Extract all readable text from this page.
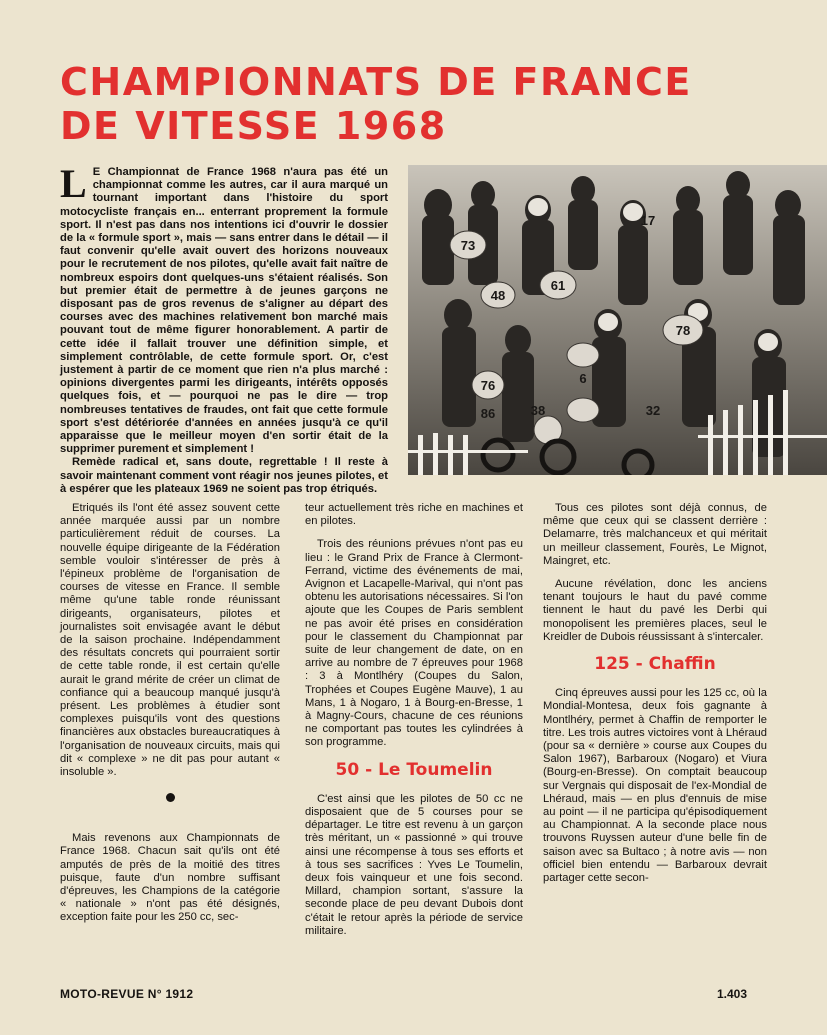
CHAMPIONNATS DE FRANCE
DE VITESSE 1968

L E Championnat de France 1968 n'aura pas été un championnat comme les autres, car il aura marqué un tournant important dans l'histoire du sport motocycliste français en... enterrant proprement la formule sport. Il n'est pas dans nos intentions ici d'ouvrir le dossier de la « formule sport », mais — sans entrer dans le détail — il faut convenir qu'elle avait ouvert des horizons nouveaux pour le recrutement de nos pilotes, qu'elle avait fait naître de nombreux espoirs dont quelques-uns s'étaient réalisés. Son but premier était de permettre à de jeunes garçons ne disposant pas de gros revenus de s'aligner au départ des courses avec des machines relativement bon marché mais pouvant tout de même figurer honorablement. A partir de cette idée il fallait trouver une définition simple, et simplement contrôlable, de cette formule sport. Or, c'est justement à partir de ce moment que rien n'a plus marché : opinions divergentes parmi les dirigeants, intérêts opposés quelques fois, et — pourquoi ne pas le dire — trop nombreuses tentatives de fraudes, ont fait que cette formule sport s'est détériorée d'années en années jusqu'à ce qu'il apparaisse que le meilleur moyen d'en sortir était de la supprimer purement et simplement !

Remède radical et, sans doute, regrettable ! Il reste à savoir maintenant comment vont réagir nos jeunes pilotes, et à espérer que les plateaux 1969 ne soient pas trop étriqués.

73
17
61
48
76	6
78
86	38	32

Etriqués ils l'ont été assez souvent cette année marquée aussi par un nombre particulièrement réduit de courses. La nouvelle équipe dirigeante de la Fédération semble vouloir s'intéresser de près à l'épineux problème de l'organisation de courses de vitesse en France. Il semble même qu'une table ronde réunissant dirigeants, organisateurs, pilotes et journalistes soit envisagée avant le début de la saison prochaine. Indépendamment des résultats concrets qui pourraient sortir de cette table ronde, il est certain qu'elle aurait le grand mérite de créer un climat de confiance qui a beaucoup manqué jusqu'à présent. Les problèmes à étudier sont complexes puisqu'ils vont des questions financières aux obstacles bureaucratiques à l'organisation de nouveaux circuits, mais qui dit « complexe » ne dit pas pour autant « insoluble ».

Mais revenons aux Championnats de France 1968. Chacun sait qu'ils ont été amputés de près de la moitié des titres puisque, faute d'un nombre suffisant d'épreuves, les Champions de la catégorie « nationale » n'ont pas été désignés, exception faite pour les 250 cc, sec-

teur actuellement très riche en machines et en pilotes.

Trois des réunions prévues n'ont pas eu lieu : le Grand Prix de France à Clermont-Ferrand, victime des événements de mai, Avignon et Lacapelle-Marival, qui n'ont pas obtenu les autorisations nécessaires. Si l'on ajoute que les Coupes de Paris semblent ne pas avoir été prises en considération pour le classement du Championnat par suite de leur changement de date, on en arrive au nombre de 7 épreuves pour 1968 : 3 à Montlhéry (Coupes du Salon, Trophées et Coupes Eugène Mauve), 1 au Mans, 1 à Nogaro, 1 à Bourg-en-Bresse, 1 à Magny-Cours, chacune de ces réunions ne comportant pas toutes les cylindrées à son programme.

50 - Le Toumelin

C'est ainsi que les pilotes de 50 cc ne disposaient que de 5 courses pour se départager. Le titre est revenu à un garçon très méritant, un « passionné » qui trouve ainsi une récompense à tous ses efforts et à tous ses sacrifices : Yves Le Toumelin, deux fois vainqueur et une fois second. Millard, champion sortant, s'assure la seconde place de peu devant Dubois dont c'était le retour après la période de service militaire.

Tous ces pilotes sont déjà connus, de même que ceux qui se classent derrière : Delamarre, très malchanceux et qui méritait un meilleur classement, Fourès, Le Mignot, Maingret, etc.

Aucune révélation, donc les anciens tenant toujours le haut du pavé comme tiennent le haut du pavé les Derbi qui monopolisent les premières places, seul le Kreidler de Dubois réussissant à s'intercaler.

125 - Chaffin

Cinq épreuves aussi pour les 125 cc, où la Mondial-Montesa, deux fois gagnante à Montlhéry, permet à Chaffin de remporter le titre. Les trois autres victoires vont à Lhéraud (pour sa « dernière » course aux Coupes du Salon 1967), Barbaroux (Nogaro) et Viura (Bourg-en-Bresse). On comptait beaucoup sur Vergnais qui disposait de l'ex-Mondial de Lhéraud, mais — en plus d'ennuis de mise au point — il ne participa qu'épisodiquement au Championnat. A la seconde place nous trouvons Ruyssen auteur d'une belle fin de saison avec sa Bultaco ; à notre avis — non officiel bien entendu — Barbaroux devrait partager cette secon-

MOTO-REVUE N° 1912	1.403
